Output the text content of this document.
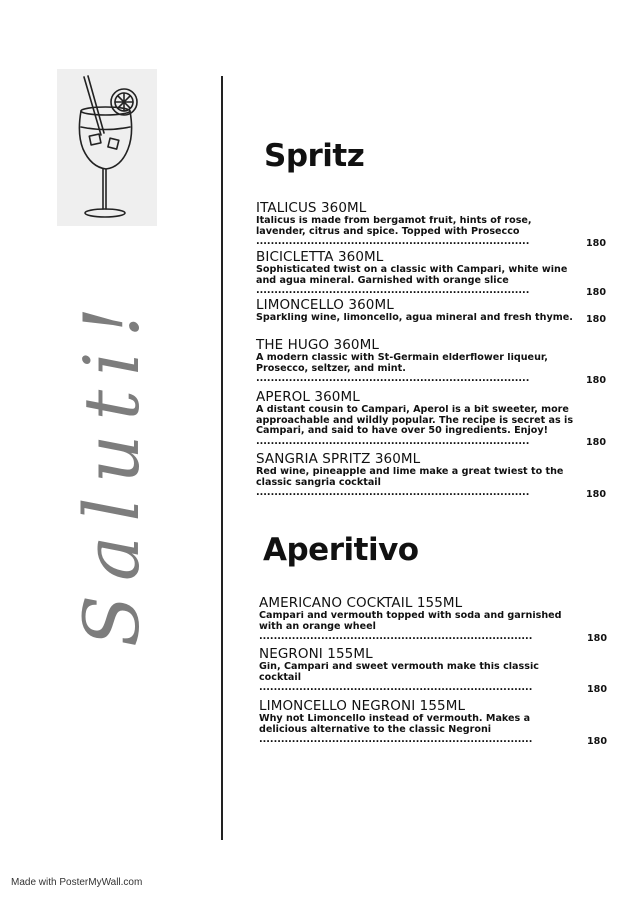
Saluti!
Spritz
ITALICUS 360ML
Italicus is made from bergamot fruit, hints of rose, lavender, citrus and spice. Topped with Prosecco .....
180
BICICLETTA 360ML
Sophisticated twist on a classic with Campari, white wine and agua mineral. Garnished with orange slice .....
180
LIMONCELLO 360ML
Sparkling wine, limoncello, agua mineral and fresh thyme.	180
THE HUGO 360ML
A modern classic with St-Germain elderflower liqueur, Prosecco, seltzer, and mint. .....
180
APEROL 360ML
A distant cousin to Campari, Aperol is a bit sweeter, more approachable and wildly popular. The recipe is secret as is Campari, and said to have over 50 ingredients. Enjoy! .....
180
SANGRIA SPRITZ 360ML
Red wine, pineapple and lime make a great twiest to the classic sangria cocktail .....
180
Aperitivo
AMERICANO COCKTAIL 155ML
Campari and vermouth topped with soda and garnished with an orange wheel .....
180
NEGRONI 155ML
Gin, Campari and sweet vermouth make this classic cocktail .....
180
LIMONCELLO NEGRONI 155ML
Why not Limoncello instead of vermouth. Makes a delicious alternative to the classic Negroni .....
180
Made with PosterMyWall.com
